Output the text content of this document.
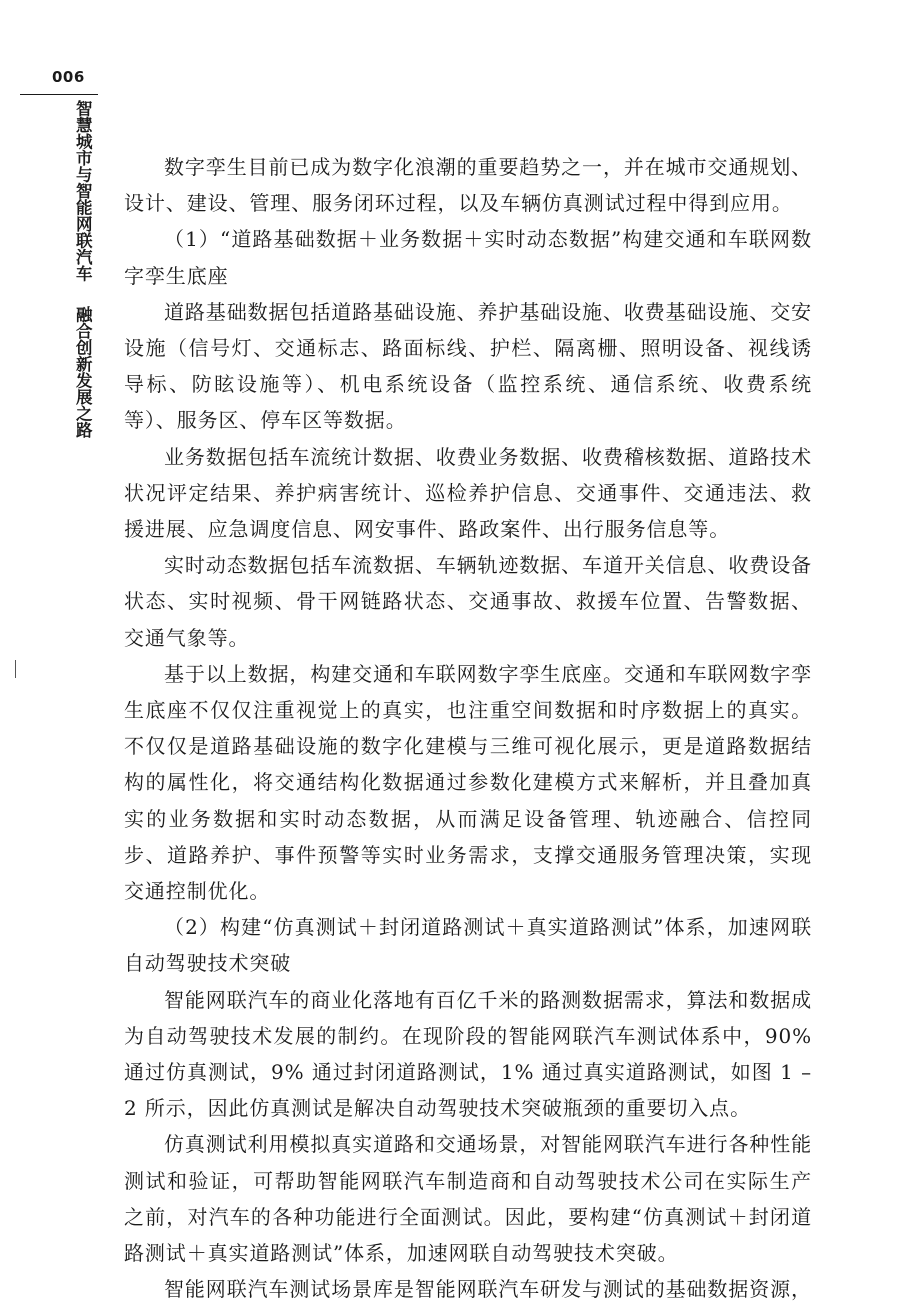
006
智慧城市与智能网联汽车
融合创新发展之路

数字孪生目前已成为数字化浪潮的重要趋势之一，并在城市交通规划、设计、建设、管理、服务闭环过程，以及车辆仿真测试过程中得到应用。

（1）“道路基础数据＋业务数据＋实时动态数据”构建交通和车联网数字孪生底座

道路基础数据包括道路基础设施、养护基础设施、收费基础设施、交安设施（信号灯、交通标志、路面标线、护栏、隔离栅、照明设备、视线诱导标、防眩设施等）、机电系统设备（监控系统、通信系统、收费系统等）、服务区、停车区等数据。

业务数据包括车流统计数据、收费业务数据、收费稽核数据、道路技术状况评定结果、养护病害统计、巡检养护信息、交通事件、交通违法、救援进展、应急调度信息、网安事件、路政案件、出行服务信息等。

实时动态数据包括车流数据、车辆轨迹数据、车道开关信息、收费设备状态、实时视频、骨干网链路状态、交通事故、救援车位置、告警数据、交通气象等。

基于以上数据，构建交通和车联网数字孪生底座。交通和车联网数字孪生底座不仅仅注重视觉上的真实，也注重空间数据和时序数据上的真实。不仅仅是道路基础设施的数字化建模与三维可视化展示，更是道路数据结构的属性化，将交通结构化数据通过参数化建模方式来解析，并且叠加真实的业务数据和实时动态数据，从而满足设备管理、轨迹融合、信控同步、道路养护、事件预警等实时业务需求，支撑交通服务管理决策，实现交通控制优化。

（2）构建“仿真测试＋封闭道路测试＋真实道路测试”体系，加速网联自动驾驶技术突破

智能网联汽车的商业化落地有百亿千米的路测数据需求，算法和数据成为自动驾驶技术发展的制约。在现阶段的智能网联汽车测试体系中，90% 通过仿真测试，9% 通过封闭道路测试，1% 通过真实道路测试，如图 1 – 2 所示，因此仿真测试是解决自动驾驶技术突破瓶颈的重要切入点。

仿真测试利用模拟真实道路和交通场景，对智能网联汽车进行各种性能测试和验证，可帮助智能网联汽车制造商和自动驾驶技术公司在实际生产之前，对汽车的各种功能进行全面测试。因此，要构建“仿真测试＋封闭道路测试＋真实道路测试”体系，加速网联自动驾驶技术突破。

智能网联汽车测试场景库是智能网联汽车研发与测试的基础数据资源，
